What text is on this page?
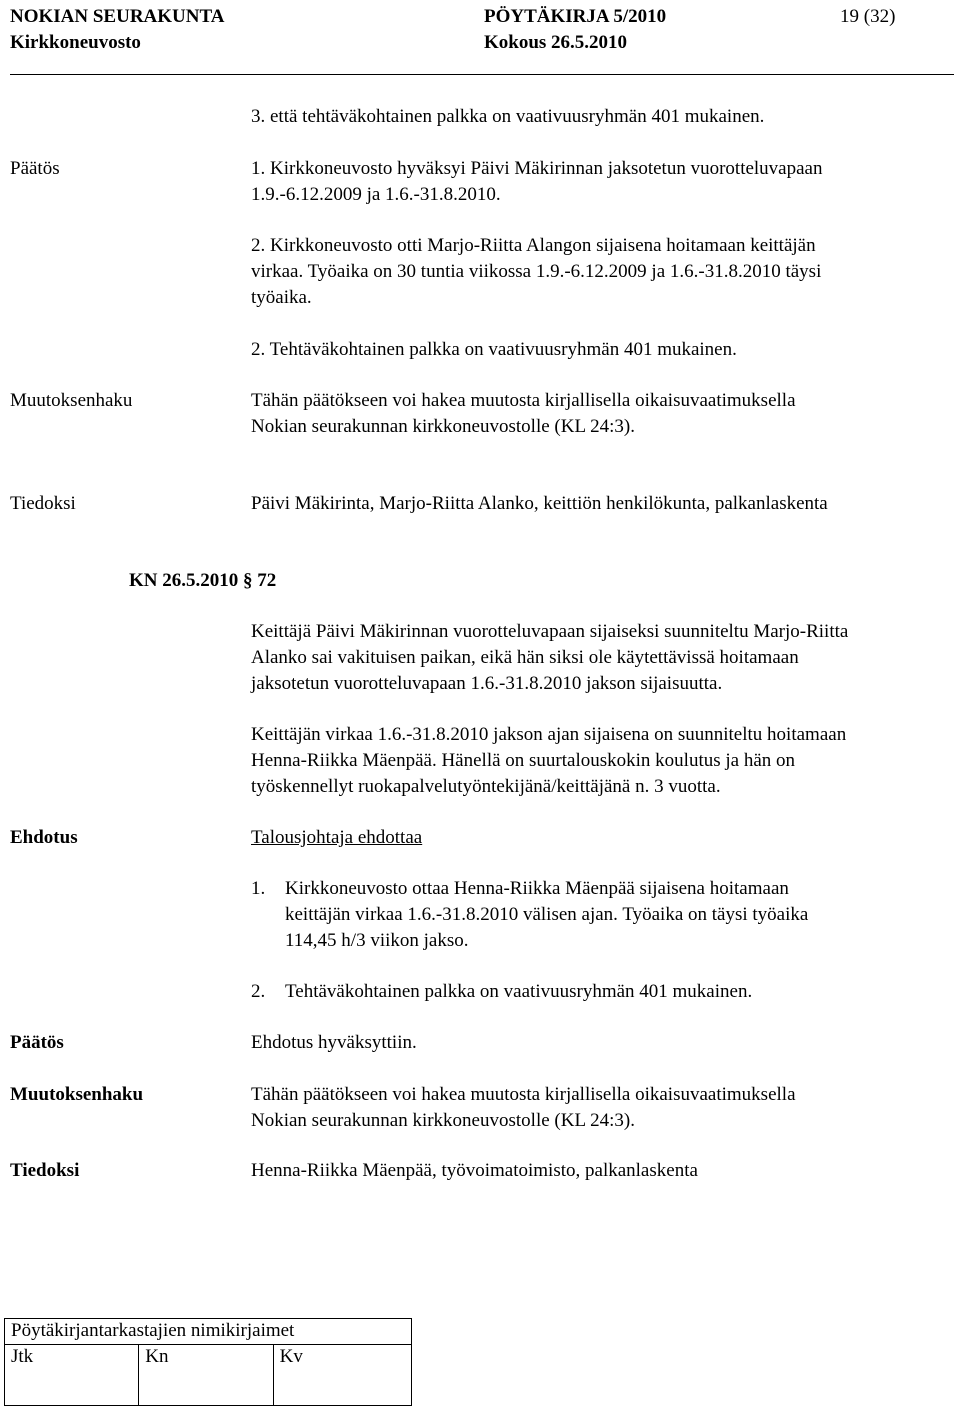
NOKIAN SEURAKUNTA	PÖYTÄKIRJA 5/2010	19 (32)
Kirkkoneuvosto	Kokous 26.5.2010
3. että tehtäväkohtainen palkka on vaativuusryhmän 401 mukainen.
Päätös	1. Kirkkoneuvosto hyväksyi Päivi Mäkirinnan jaksotetun vuorotteluvapaan
1.9.-6.12.2009 ja 1.6.-31.8.2010.
2. Kirkkoneuvosto otti Marjo-Riitta Alangon sijaisena hoitamaan keittäjän
virkaa. Työaika on 30 tuntia viikossa 1.9.-6.12.2009 ja 1.6.-31.8.2010 täysi
työaika.
2. Tehtäväkohtainen palkka on vaativuusryhmän 401 mukainen.
Muutoksenhaku	Tähän päätökseen voi hakea muutosta kirjallisella oikaisuvaatimuksella
Nokian seurakunnan kirkkoneuvostolle (KL 24:3).
Tiedoksi	Päivi Mäkirinta, Marjo-Riitta Alanko, keittiön henkilökunta, palkanlaskenta
KN 26.5.2010 § 72
Keittäjä Päivi Mäkirinnan vuorotteluvapaan sijaiseksi suunniteltu Marjo-Riitta
Alanko sai vakituisen paikan, eikä hän siksi ole käytettävissä hoitamaan
jaksotetun vuorotteluvapaan 1.6.-31.8.2010 jakson sijaisuutta.
Keittäjän virkaa 1.6.-31.8.2010 jakson ajan sijaisena on suunniteltu hoitamaan
Henna-Riikka Mäenpää. Hänellä on suurtalouskokin koulutus ja hän on
työskennellyt ruokapalvelutyöntekijänä/keittäjänä n. 3 vuotta.
Ehdotus	Talousjohtaja ehdottaa
1. Kirkkoneuvosto ottaa Henna-Riikka Mäenpää sijaisena hoitamaan
keittäjän virkaa 1.6.-31.8.2010 välisen ajan. Työaika on täysi työaika
114,45 h/3 viikon jakso.
2. Tehtäväkohtainen palkka on vaativuusryhmän 401 mukainen.
Päätös	Ehdotus hyväksyttiin.
Muutoksenhaku	Tähän päätökseen voi hakea muutosta kirjallisella oikaisuvaatimuksella
Nokian seurakunnan kirkkoneuvostolle (KL 24:3).
Tiedoksi	Henna-Riikka Mäenpää, työvoimatoimisto, palkanlaskenta
Pöytäkirjantarkastajien nimikirjaimet
Jtk	Kn	Kv
